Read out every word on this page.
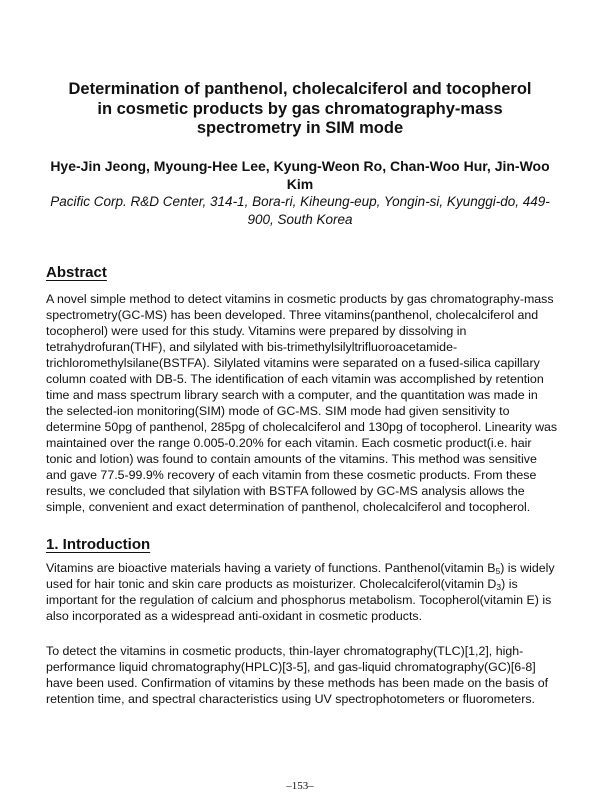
Determination of panthenol, cholecalciferol and tocopherol in cosmetic products by gas chromatography-mass spectrometry in SIM mode
Hye-Jin Jeong, Myoung-Hee Lee, Kyung-Weon Ro, Chan-Woo Hur, Jin-Woo Kim
Pacific Corp. R&D Center, 314-1, Bora-ri, Kiheung-eup, Yongin-si, Kyunggi-do, 449-900, South Korea
Abstract

A novel simple method to detect vitamins in cosmetic products by gas chromatography-mass spectrometry(GC-MS) has been developed. Three vitamins(panthenol, cholecalciferol and tocopherol) were used for this study. Vitamins were prepared by dissolving in tetrahydrofuran(THF), and silylated with bis-trimethylsilyltrifluoroacetamide-trichloromethylsilane(BSTFA). Silylated vitamins were separated on a fused-silica capillary column coated with DB-5. The identification of each vitamin was accomplished by retention time and mass spectrum library search with a computer, and the quantitation was made in the selected-ion monitoring(SIM) mode of GC-MS. SIM mode had given sensitivity to determine 50pg of panthenol, 285pg of cholecalciferol and 130pg of tocopherol. Linearity was maintained over the range 0.005-0.20% for each vitamin. Each cosmetic product(i.e. hair tonic and lotion) was found to contain amounts of the vitamins. This method was sensitive and gave 77.5-99.9% recovery of each vitamin from these cosmetic products. From these results, we concluded that silylation with BSTFA followed by GC-MS analysis allows the simple, convenient and exact determination of panthenol, cholecalciferol and tocopherol.

1. Introduction

Vitamins are bioactive materials having a variety of functions. Panthenol(vitamin $B_5$) is widely used for hair tonic and skin care products as moisturizer. Cholecalciferol(vitamin $D_3$) is important for the regulation of calcium and phosphorus metabolism. Tocopherol(vitamin E) is also incorporated as a widespread anti-oxidant in cosmetic products.

To detect the vitamins in cosmetic products, thin-layer chromatography(TLC)[1,2], high-performance liquid chromatography(HPLC)[3-5], and gas-liquid chromatography(GC)[6-8] have been used. Confirmation of vitamins by these methods has been made on the basis of retention time, and spectral characteristics using UV spectrophotometers or fluorometers.

–153–
